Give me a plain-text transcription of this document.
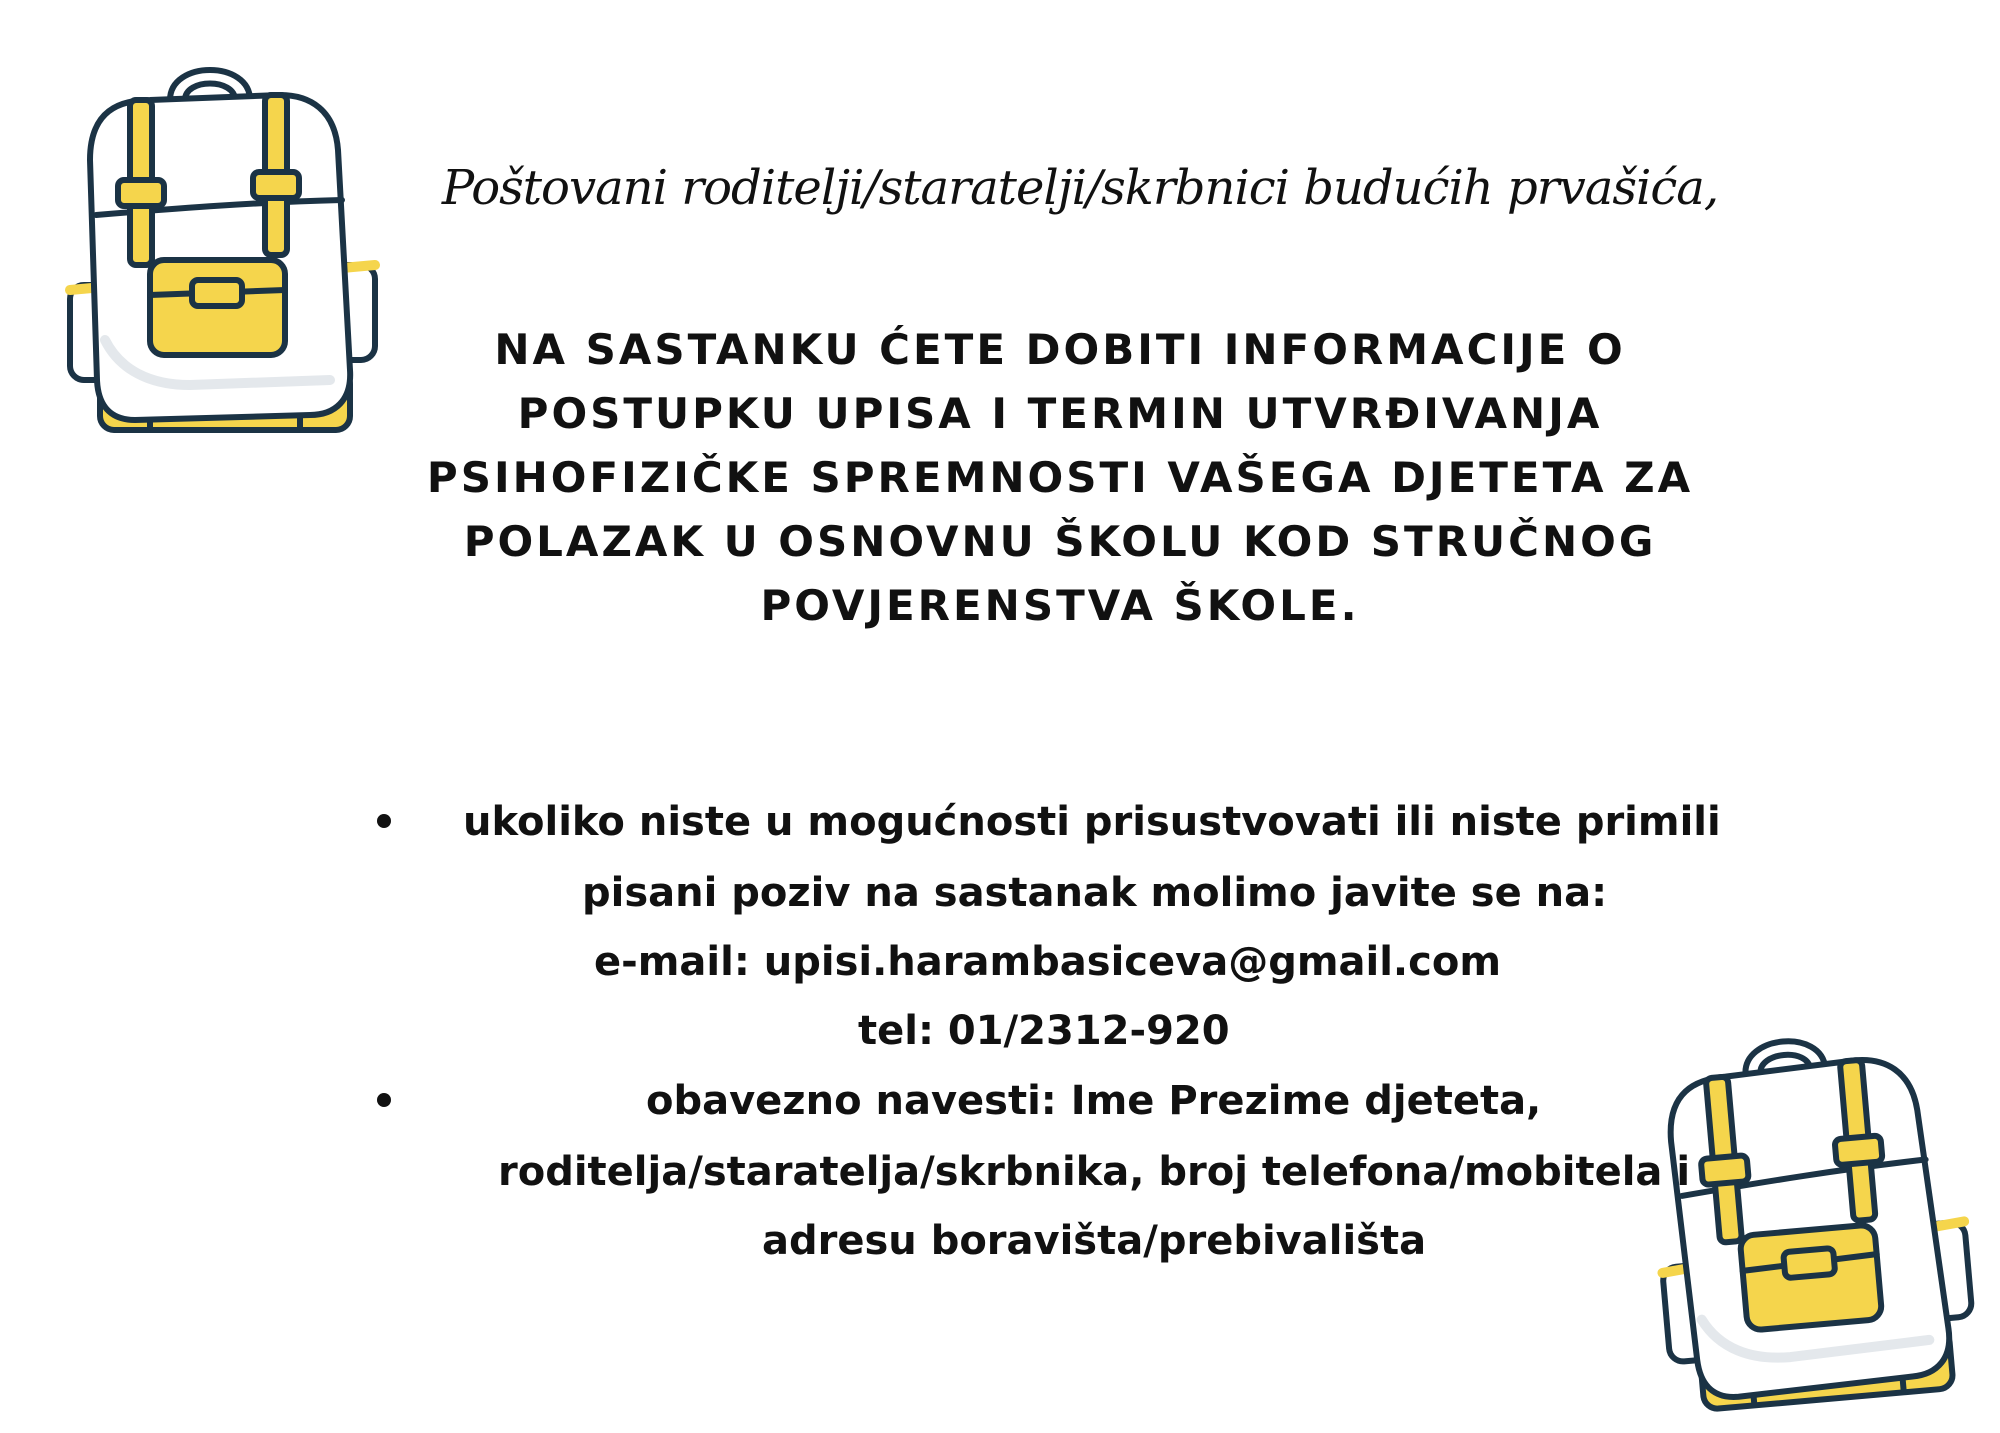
Poštovani roditelji/staratelji/skrbnici budućih prvašića,
NA SASTANKU ĆETE DOBITI INFORMACIJE O
POSTUPKU UPISA I TERMIN UTVRĐIVANJA
PSIHOFIZIČKE SPREMNOSTI VAŠEGA DJETETA ZA
POLAZAK U OSNOVNU ŠKOLU KOD STRUČNOG
POVJERENSTVA ŠKOLE.
ukoliko niste u mogućnosti prisustvovati ili niste primili
pisani poziv na sastanak molimo javite se na:
e-mail: upisi.harambasiceva@gmail.com
tel: 01/2312-920
obavezno navesti: Ime Prezime djeteta,
roditelja/staratelja/skrbnika, broj telefona/mobitela i
adresu boravišta/prebivališta
